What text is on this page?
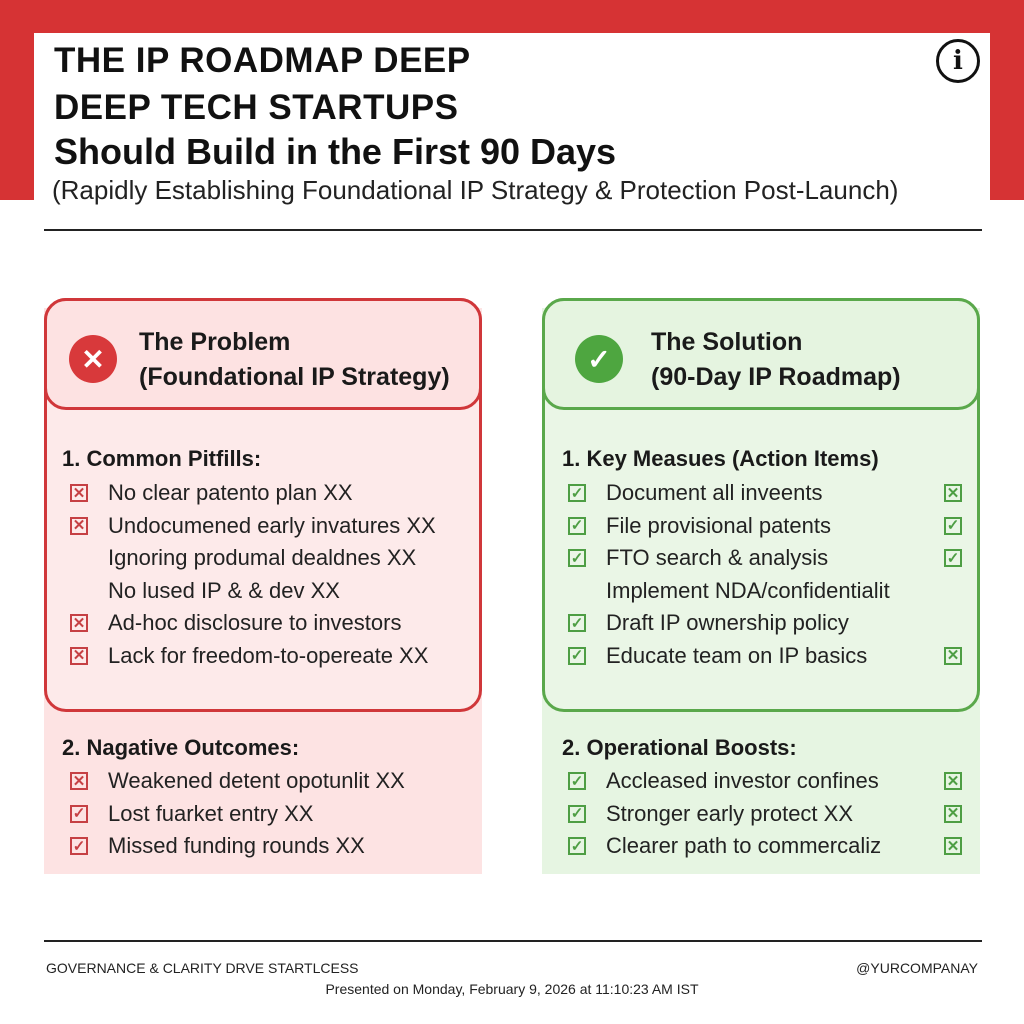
THE IP ROADMAP DEEP
DEEP TECH STARTUPS
Should Build in the First 90 Days
(Rapidly Establishing Foundational IP Strategy & Protection Post-Launch)
i
✕
The Problem
(Foundational IP Strategy)
1. Common Pitfills:
✕ No clear patento plan XX
✕ Undocumened early invatures XX
Ignoring produmal dealdnes XX
No lused IP & & dev XX
✕ Ad-hoc disclosure to investors
✕ Lack for freedom-to-opereate XX
2. Nagative Outcomes:
✕ Weakened detent opotunlit XX
✓ Lost fuarket entry XX
✓ Missed funding rounds XX
✓
The Solution
(90-Day IP Roadmap)
1. Key Measues (Action Items)
✓ Document all inveents	✕
✓ File provisional patents	✓
✓ FTO search & analysis	✓
Implement NDA/confidentialit
✓ Draft IP ownership policy
✓ Educate team on IP basics	✕
2. Operational Boosts:
✓ Accleased investor confines	✕
✓ Stronger early protect XX	✕
✓ Clearer path to commercaliz	✕
GOVERNANCE & CLARITY DRVE STARTLCESS	@YURCOMPANAY
Presented on Monday, February 9, 2026 at 11:10:23 AM IST
